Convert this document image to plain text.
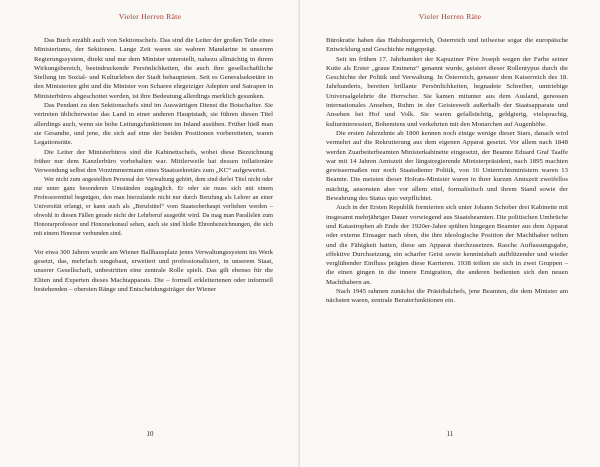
Vieler Herren Räte

Das Buch erzählt auch von Sektionschefs. Das sind die Leiter der großen Teile eines Ministeriums, der Sektionen. Lange Zeit waren sie wahren Mandarine in unserem Regierungssystem, direkt und nur dem Minister unterstellt, nahezu allmächtig in ihrem Wirkungsbereich, beeindruckende Persönlichkeiten, die auch ihre gesellschaftliche Stellung im Sozial- und Kulturleben der Stadt behaupteten. Seit es Generalsekretäre in den Ministerien gibt und die Minister von Scharen ehrgeiziger Adepten und Satrapen in Ministerbüros abgeschottet werden, ist ihre Bedeutung allerdings merklich gesunken.

Das Pendant zu den Sektionschefs sind im Auswärtigen Dienst die Botschafter. Sie vertreten üblicherweise das Land in einer anderen Hauptstadt, sie führen diesen Titel allerdings auch, wenn sie bohe Leitungsfunktionen im Inland ausüben. Früher hieß man sie Gesandte, und jene, die sich auf eine der beiden Positionen vorbereiteten, waren Legationsräte.

Die Leiter der Ministerbüros sind die Kabinettschefs, wobei diese Bezeichnung früher nur dem Kanzlerbüro vorbehalten war. Mittlerweile hat dessen inflationäre Verwendung selbst den Vorzimmermann eines Staatssekretärs zum „KC“ aufgewertet.

Wer nicht zum angestellten Personal der Verwaltung gehört, dem sind derlei Titel nicht oder nur unter ganz besonderen Umständen zugänglich. Er oder sie muss sich mit einem Professorentitel begnügen, den man hierzulande nicht nur durch Berufung als Lehrer an einer Universität erlangt, er kann auch als „Berufstitel“ vom Staatsoberhaupt verliehen werden – obwohl in diesen Fällen gerade nicht der Lehrberuf ausgeübt wird. Da mag man Parallelen zum Honorarprofessor und Honorarkonsul sehen, auch sie sind bloße Ehrenbezeichnungen, die sich mit einem Honorar verbunden sind.

Vor etwa 300 Jahren wurde am Wiener Ballhausplatz jenes Verwaltungssystem ins Werk gesetzt, das, mehrfach umgebaut, erweitert und professionalisiert, in unserem Staat, unserer Gesellschaft, unbestritten eine zentrale Rolle spielt. Das gilt ebenso für die Eliten und Experten dieses Machtapparats. Die – formell erkleitertenen oder informell bestehenden – obersten Ränge und Entscheidungsträger der Wiener

10
Vieler Herren Räte

Bürokratie haben das Habsburgerreich, Österreich und teilweise sogar die europäische Entwicklung und Geschichte mitgeprägt.

Seit im frühen 17. Jahrhundert der Kapuziner Père Joseph wegen der Farbe seiner Kutte als Erster „graue Eminenz“ genannt wurde, geistert dieser Rollentypus durch die Geschichte der Politik und Verwaltung. In Österreich, genauer dem Kaiserreich des 18. Jahrhunderts, bereiten brillante Persönlichkeiten, begnadete Schreiber, umtriebige Universalgelehrte die Herrscher. Sie kamen mitunter aus dem Ausland, genossen internationales Ansehen, Ruhm in der Geisteswelt außerhalb der Staatsapparate und Ansehen bei Hof und Volk. Sie waren gefallsüchtig, geldgierig, vielsprachig, kulturinteressiert, Bohemiens und verkehrten mit den Monarchen auf Augenhöhe.

Die ersten Jahrzehnte ab 1800 kennen noch einige wenige dieser Stars, danach wird vermehrt auf die Rekrutierung aus dem eigenen Apparat gesetzt. Vor allem nach 1848 werden Zuarbeiterbeamten Ministerkabinette eingesetzt, der Beamte Eduard Graf Taaffe war mit 14 Jahren Amtszeit der längstregierende Ministerpräsident, nach 1895 machten gewissermaßen nur noch Staatsdiener Politik, von 16 Unterrichtsministern waren 13 Beamte. Die meisten dieser Hofrats-Minister waren in ihrer kurzen Amtszeit zweifellos mächtig, ansonsten aber vor allem eitel, formalistisch und ihrem Stand sowie der Bewahrung des Status quo verpflichtet.

Auch in der Ersten Republik formierten sich unter Johann Schober drei Kabinette mit insgesamt mehrjähriger Dauer vorwiegend aus Staatsbeamten. Die politischen Umbrüche und Katastrophen ab Ende der 1920er-Jahre spülten hingegen Beamter aus dem Apparat oder externe Einsager nach oben, die ihre ideologische Position der Machthaber teilten und die Fähigkeit hatten, diese am Apparat durchzusetzen. Rasche Auffassungsgabe, effektive Durchsetzung, ein scharfer Geist sowie kenntnishaft aufblitzender und wieder verglühender Einfluss prägten diese Karrieren. 1938 teilten sie sich in zwei Gruppen – die einen gingen in die innere Emigration, die anderen bedienten sich den neuen Machthabern an.

Nach 1945 rahmen zunächst die Präsidialchefs, jene Beamten, die dem Minister am nächsten waren, zentrale Beraterfunktionen ein.

11
